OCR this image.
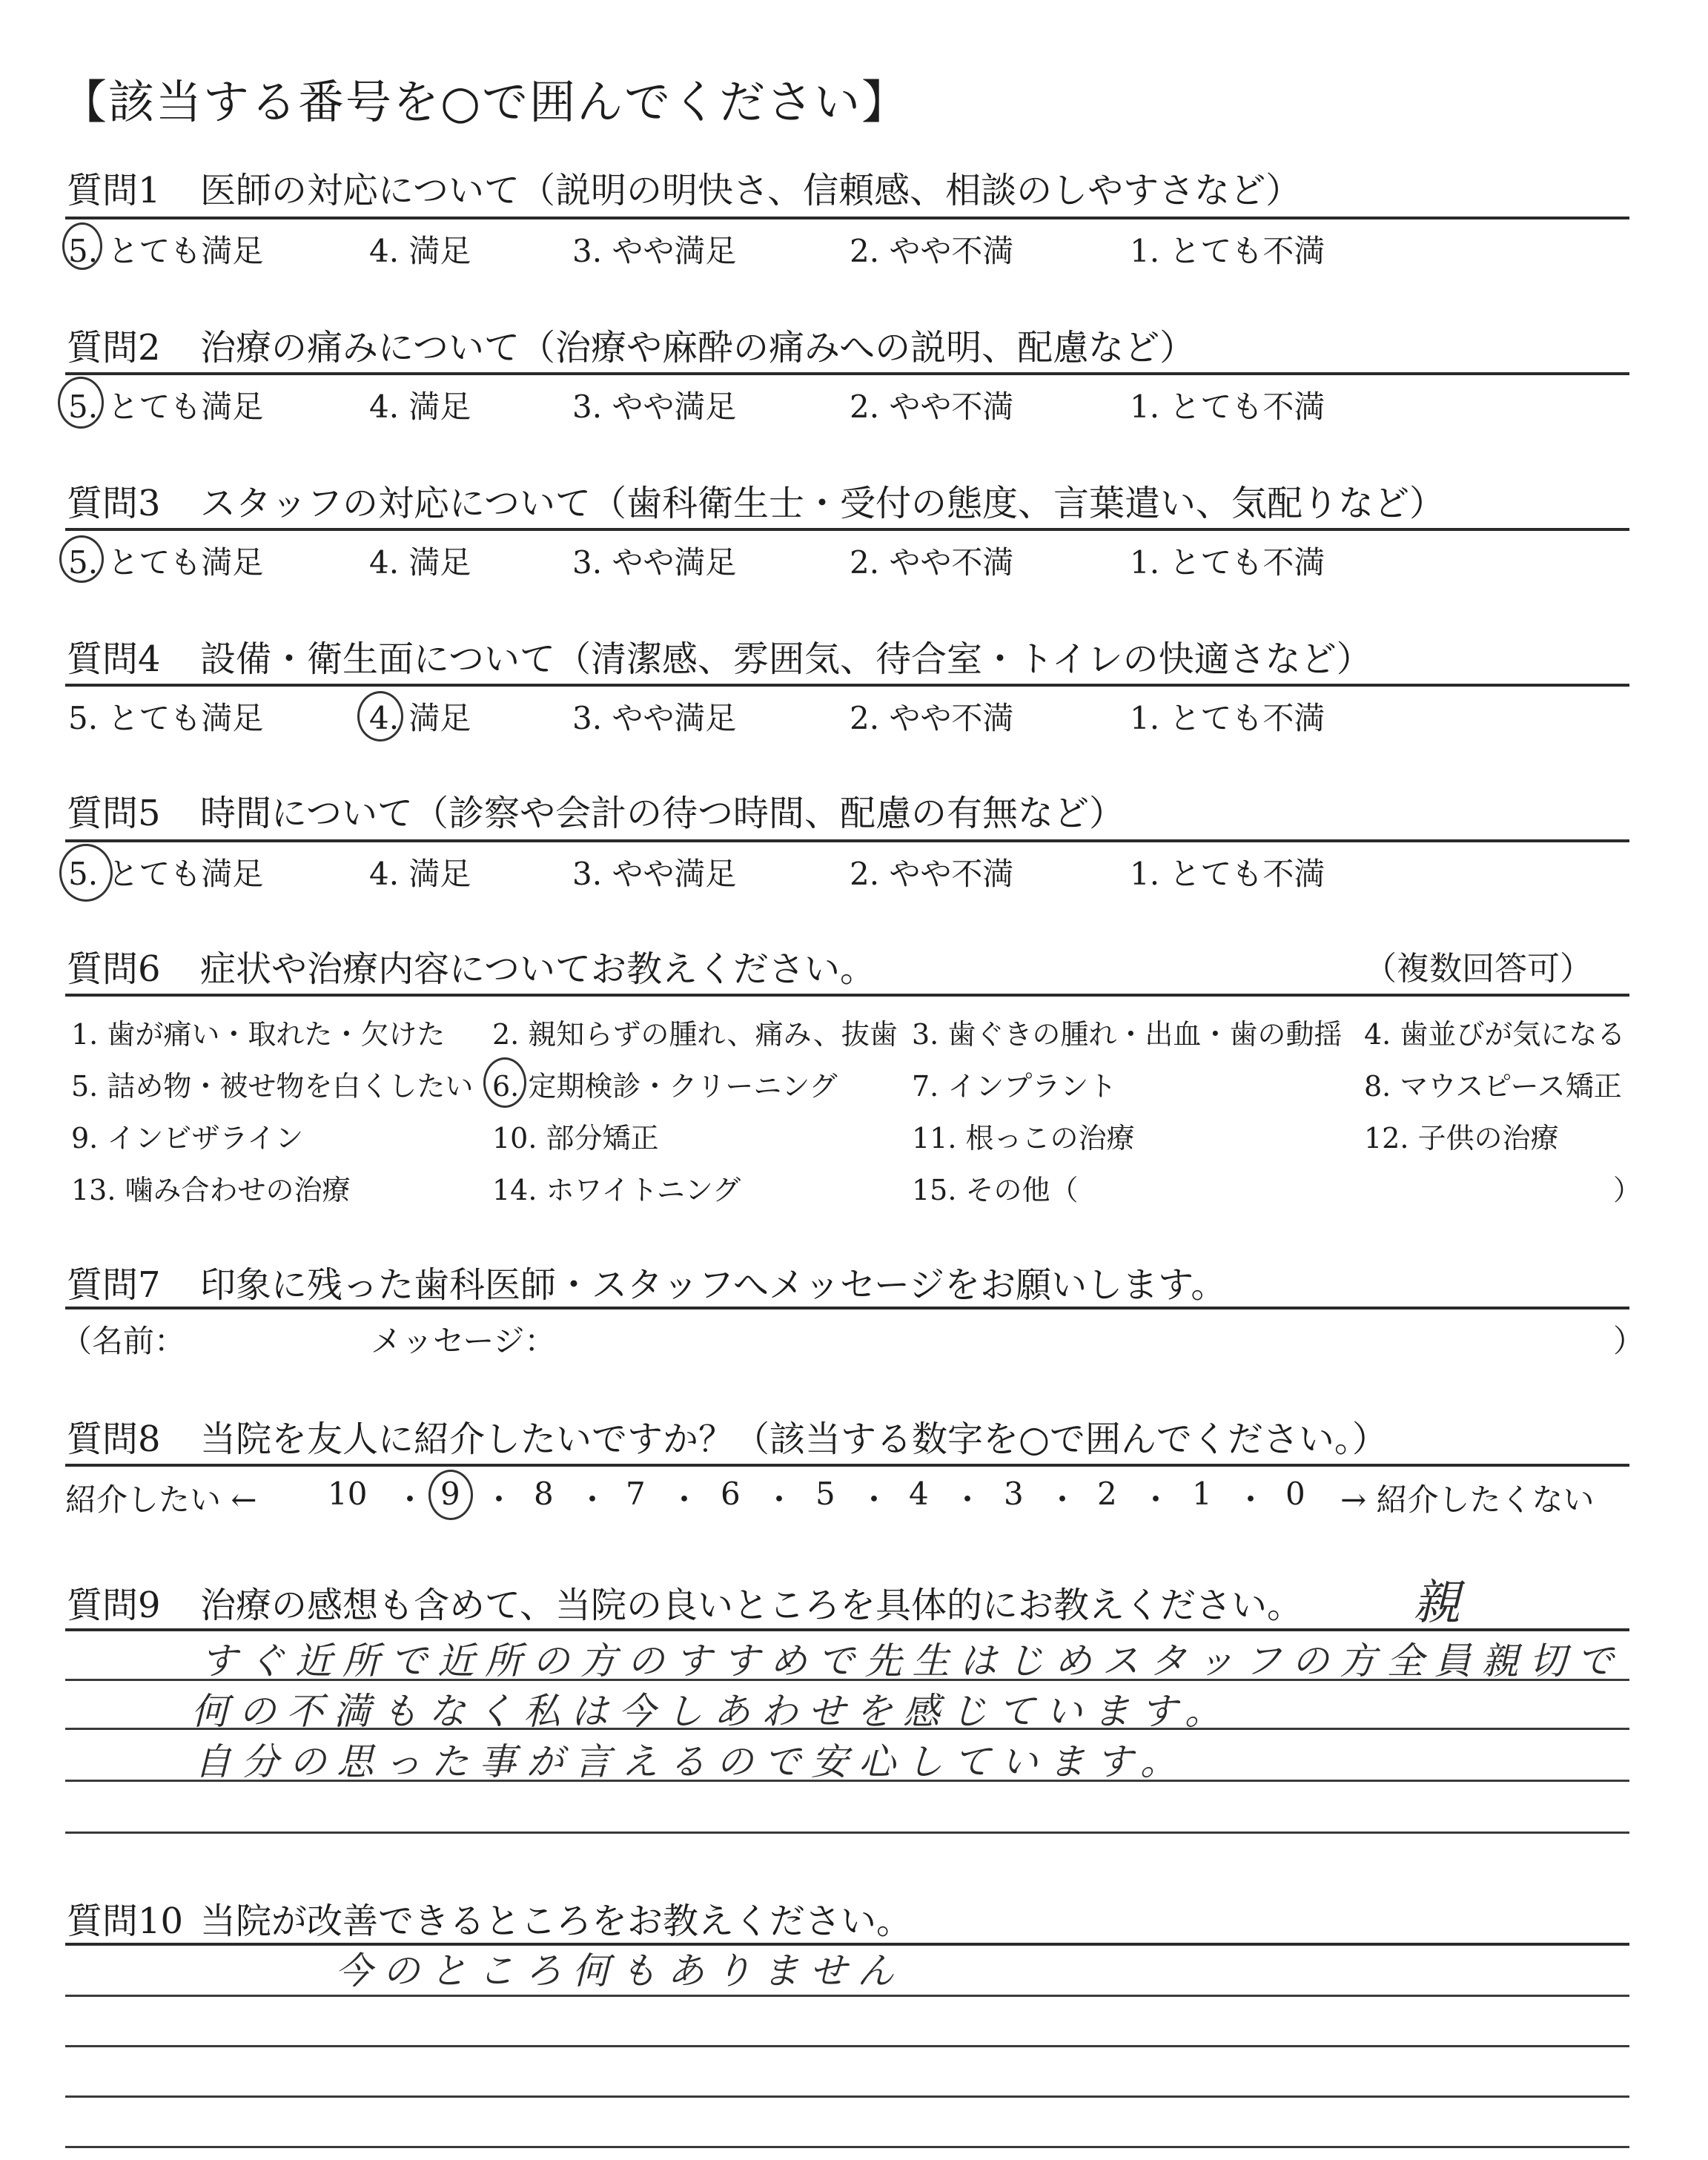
【該当する番号を○で囲んでください】
質問1 医師の対応について（説明の明快さ、信頼感、相談のしやすさなど）
5. とても満足	4. 満足	3. やや満足	2. やや不満	1. とても不満
質問2 治療の痛みについて（治療や麻酔の痛みへの説明、配慮など）
5. とても満足	4. 満足	3. やや満足	2. やや不満	1. とても不満
質問3 スタッフの対応について（歯科衛生士・受付の態度、言葉遣い、気配りなど）
5. とても満足	4. 満足	3. やや満足	2. やや不満	1. とても不満
質問4 設備・衛生面について（清潔感、雰囲気、待合室・トイレの快適さなど）
5. とても満足	4. 満足	3. やや満足	2. やや不満	1. とても不満
質問5 時間について（診察や会計の待つ時間、配慮の有無など）
5. とても満足	4. 満足	3. やや満足	2. やや不満	1. とても不満
質問6 症状や治療内容についてお教えください。	（複数回答可）
1. 歯が痛い・取れた・欠けた 2. 親知らずの腫れ、痛み、抜歯 3. 歯ぐきの腫れ・出血・歯の動揺 4. 歯並びが気になる
5. 詰め物・被せ物を白くしたい 6. 定期検診・クリーニング	7. インプラント	8. マウスピース矯正
9. インビザライン	10. 部分矯正	11. 根っこの治療	12. 子供の治療
13. 噛み合わせの治療	14. ホワイトニング	15. その他（	）
質問7 印象に残った歯科医師・スタッフへメッセージをお願いします。
（名前：	メッセージ：	）
質問8 当院を友人に紹介したいですか？（該当する数字を○で囲んでください。）
紹介したい ← 10 ・ 9 ・ 8 ・ 7 ・ 6 ・ 5 ・ 4 ・ 3 ・ 2 ・ 1 ・ 0 → 紹介したくない
質問9 治療の感想も含めて、当院の良いところを具体的にお教えください。	親
すぐ近所で近所の方のすすめで先生はじめスタッフの方全員親切で
何の不満もなく私は今しあわせを感じています。
自分の思った事が言えるので安心しています。
質問10 当院が改善できるところをお教えください。
今のところ何もありません
